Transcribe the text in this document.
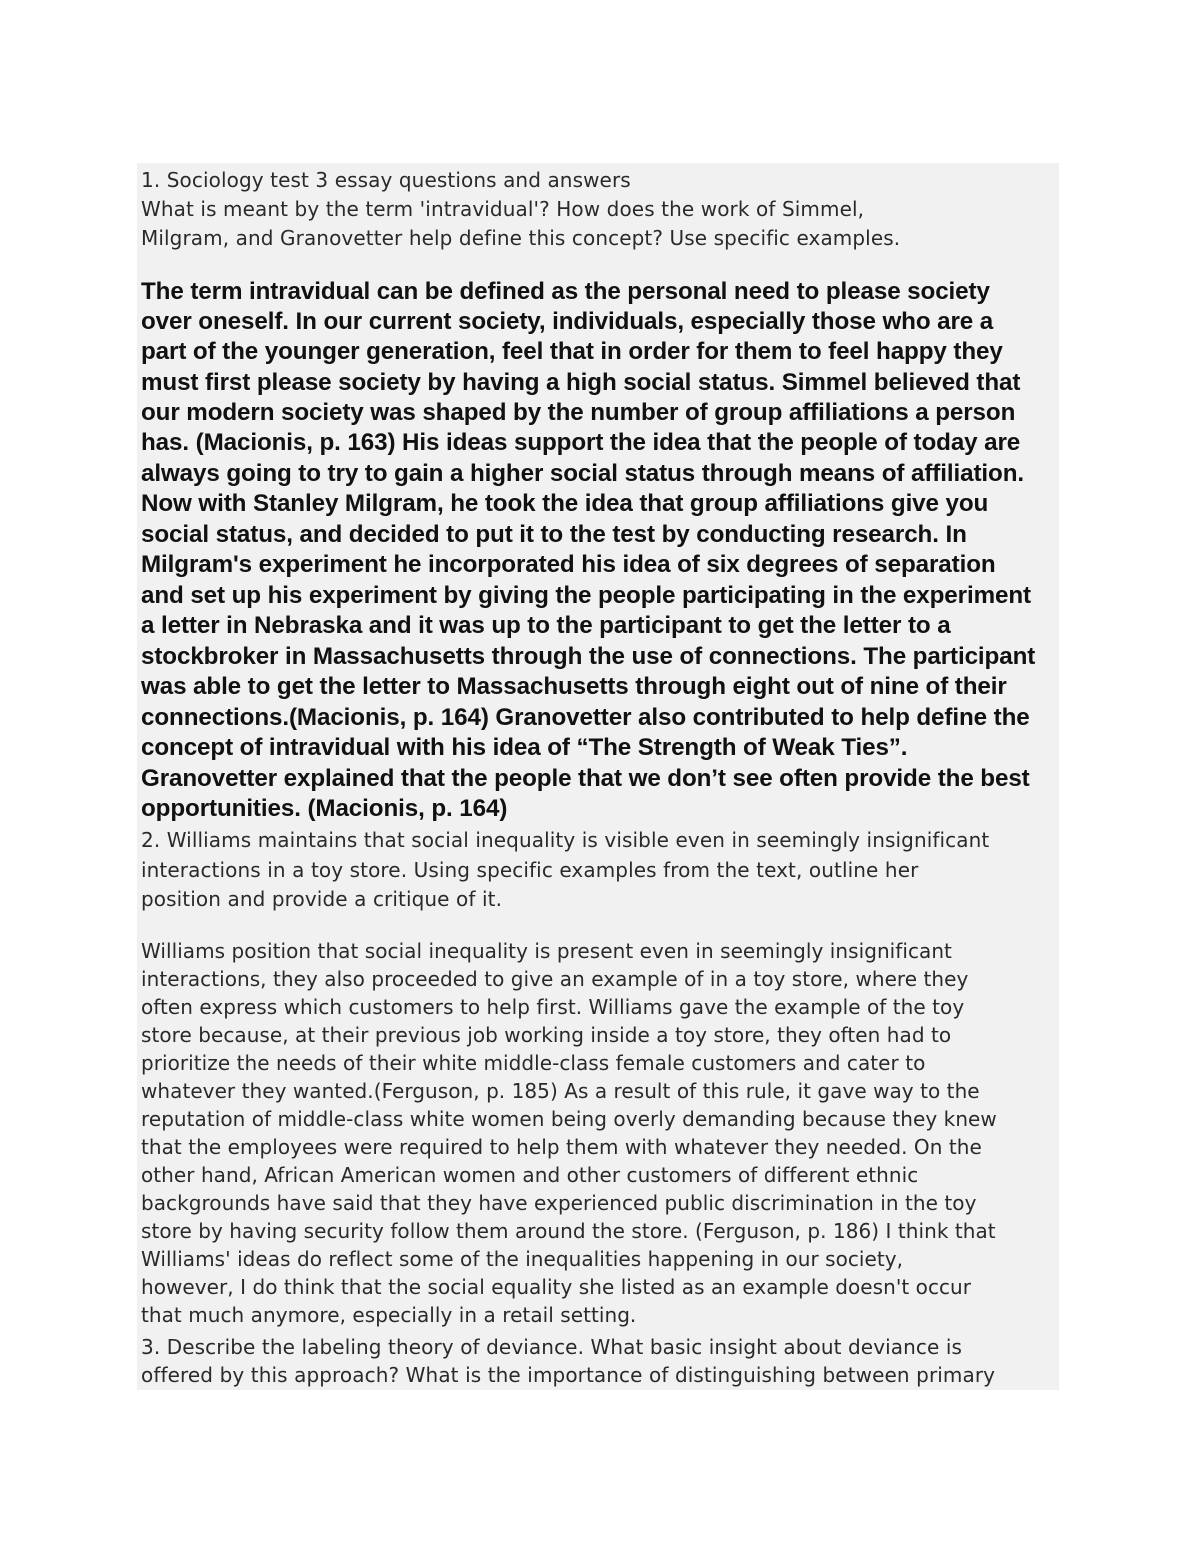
1. Sociology test 3 essay questions and answers
What is meant by the term 'intravidual'? How does the work of Simmel,
Milgram, and Granovetter help define this concept? Use specific examples.
The term intravidual can be defined as the personal need to please society
over oneself. In our current society, individuals, especially those who are a
part of the younger generation, feel that in order for them to feel happy they
must first please society by having a high social status. Simmel believed that
our modern society was shaped by the number of group affiliations a person
has. (Macionis, p. 163) His ideas support the idea that the people of today are
always going to try to gain a higher social status through means of affiliation.
Now with Stanley Milgram, he took the idea that group affiliations give you
social status, and decided to put it to the test by conducting research. In
Milgram's experiment he incorporated his idea of six degrees of separation
and set up his experiment by giving the people participating in the experiment
a letter in Nebraska and it was up to the participant to get the letter to a
stockbroker in Massachusetts through the use of connections. The participant
was able to get the letter to Massachusetts through eight out of nine of their
connections.(Macionis, p. 164) Granovetter also contributed to help define the
concept of intravidual with his idea of “The Strength of Weak Ties”.
Granovetter explained that the people that we don’t see often provide the best
opportunities. (Macionis, p. 164)
2. Williams maintains that social inequality is visible even in seemingly insignificant
interactions in a toy store. Using specific examples from the text, outline her
position and provide a critique of it.
Williams position that social inequality is present even in seemingly insignificant
interactions, they also proceeded to give an example of in a toy store, where they
often express which customers to help first. Williams gave the example of the toy
store because, at their previous job working inside a toy store, they often had to
prioritize the needs of their white middle-class female customers and cater to
whatever they wanted.(Ferguson, p. 185) As a result of this rule, it gave way to the
reputation of middle-class white women being overly demanding because they knew
that the employees were required to help them with whatever they needed. On the
other hand, African American women and other customers of different ethnic
backgrounds have said that they have experienced public discrimination in the toy
store by having security follow them around the store. (Ferguson, p. 186) I think that
Williams' ideas do reflect some of the inequalities happening in our society,
however, I do think that the social equality she listed as an example doesn't occur
that much anymore, especially in a retail setting.
3. Describe the labeling theory of deviance. What basic insight about deviance is
offered by this approach? What is the importance of distinguishing between primary
